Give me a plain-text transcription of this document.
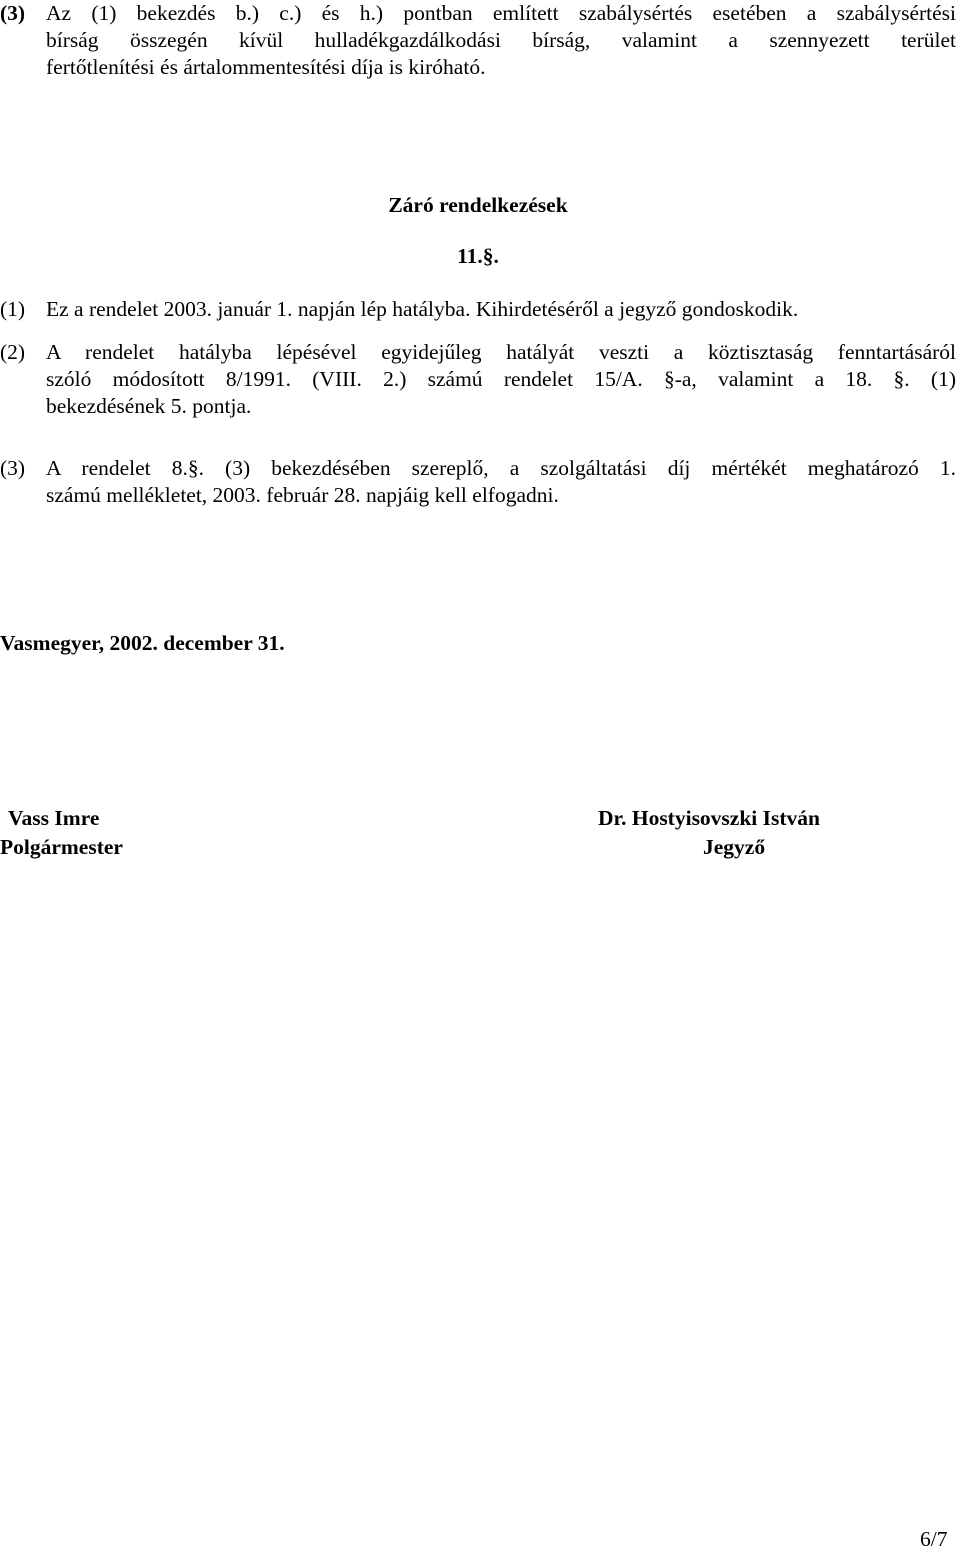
(3) Az (1) bekezdés b.) c.) és h.) pontban említett szabálysértés esetében a szabálysértési
bírság összegén kívül hulladékgazdálkodási bírság, valamint a szennyezett terület
fertőtlenítési és ártalommentesítési díja is kiróható.
Záró rendelkezések
11.§.
(1) Ez a rendelet 2003. január 1. napján lép hatályba. Kihirdetéséről a jegyző gondoskodik.
(2) A rendelet hatályba lépésével egyidejűleg hatályát veszti a köztisztaság fenntartásáról
szóló módosított 8/1991. (VIII. 2.) számú rendelet 15/A. §-a, valamint a 18. §. (1)
bekezdésének 5. pontja.
(3) A rendelet 8.§. (3) bekezdésében szereplő, a szolgáltatási díj mértékét meghatározó 1.
számú mellékletet, 2003. február 28. napjáig kell elfogadni.
Vasmegyer, 2002. december 31.
Vass Imre
Polgármester
Dr. Hostyisovszki István
Jegyző
6/7
